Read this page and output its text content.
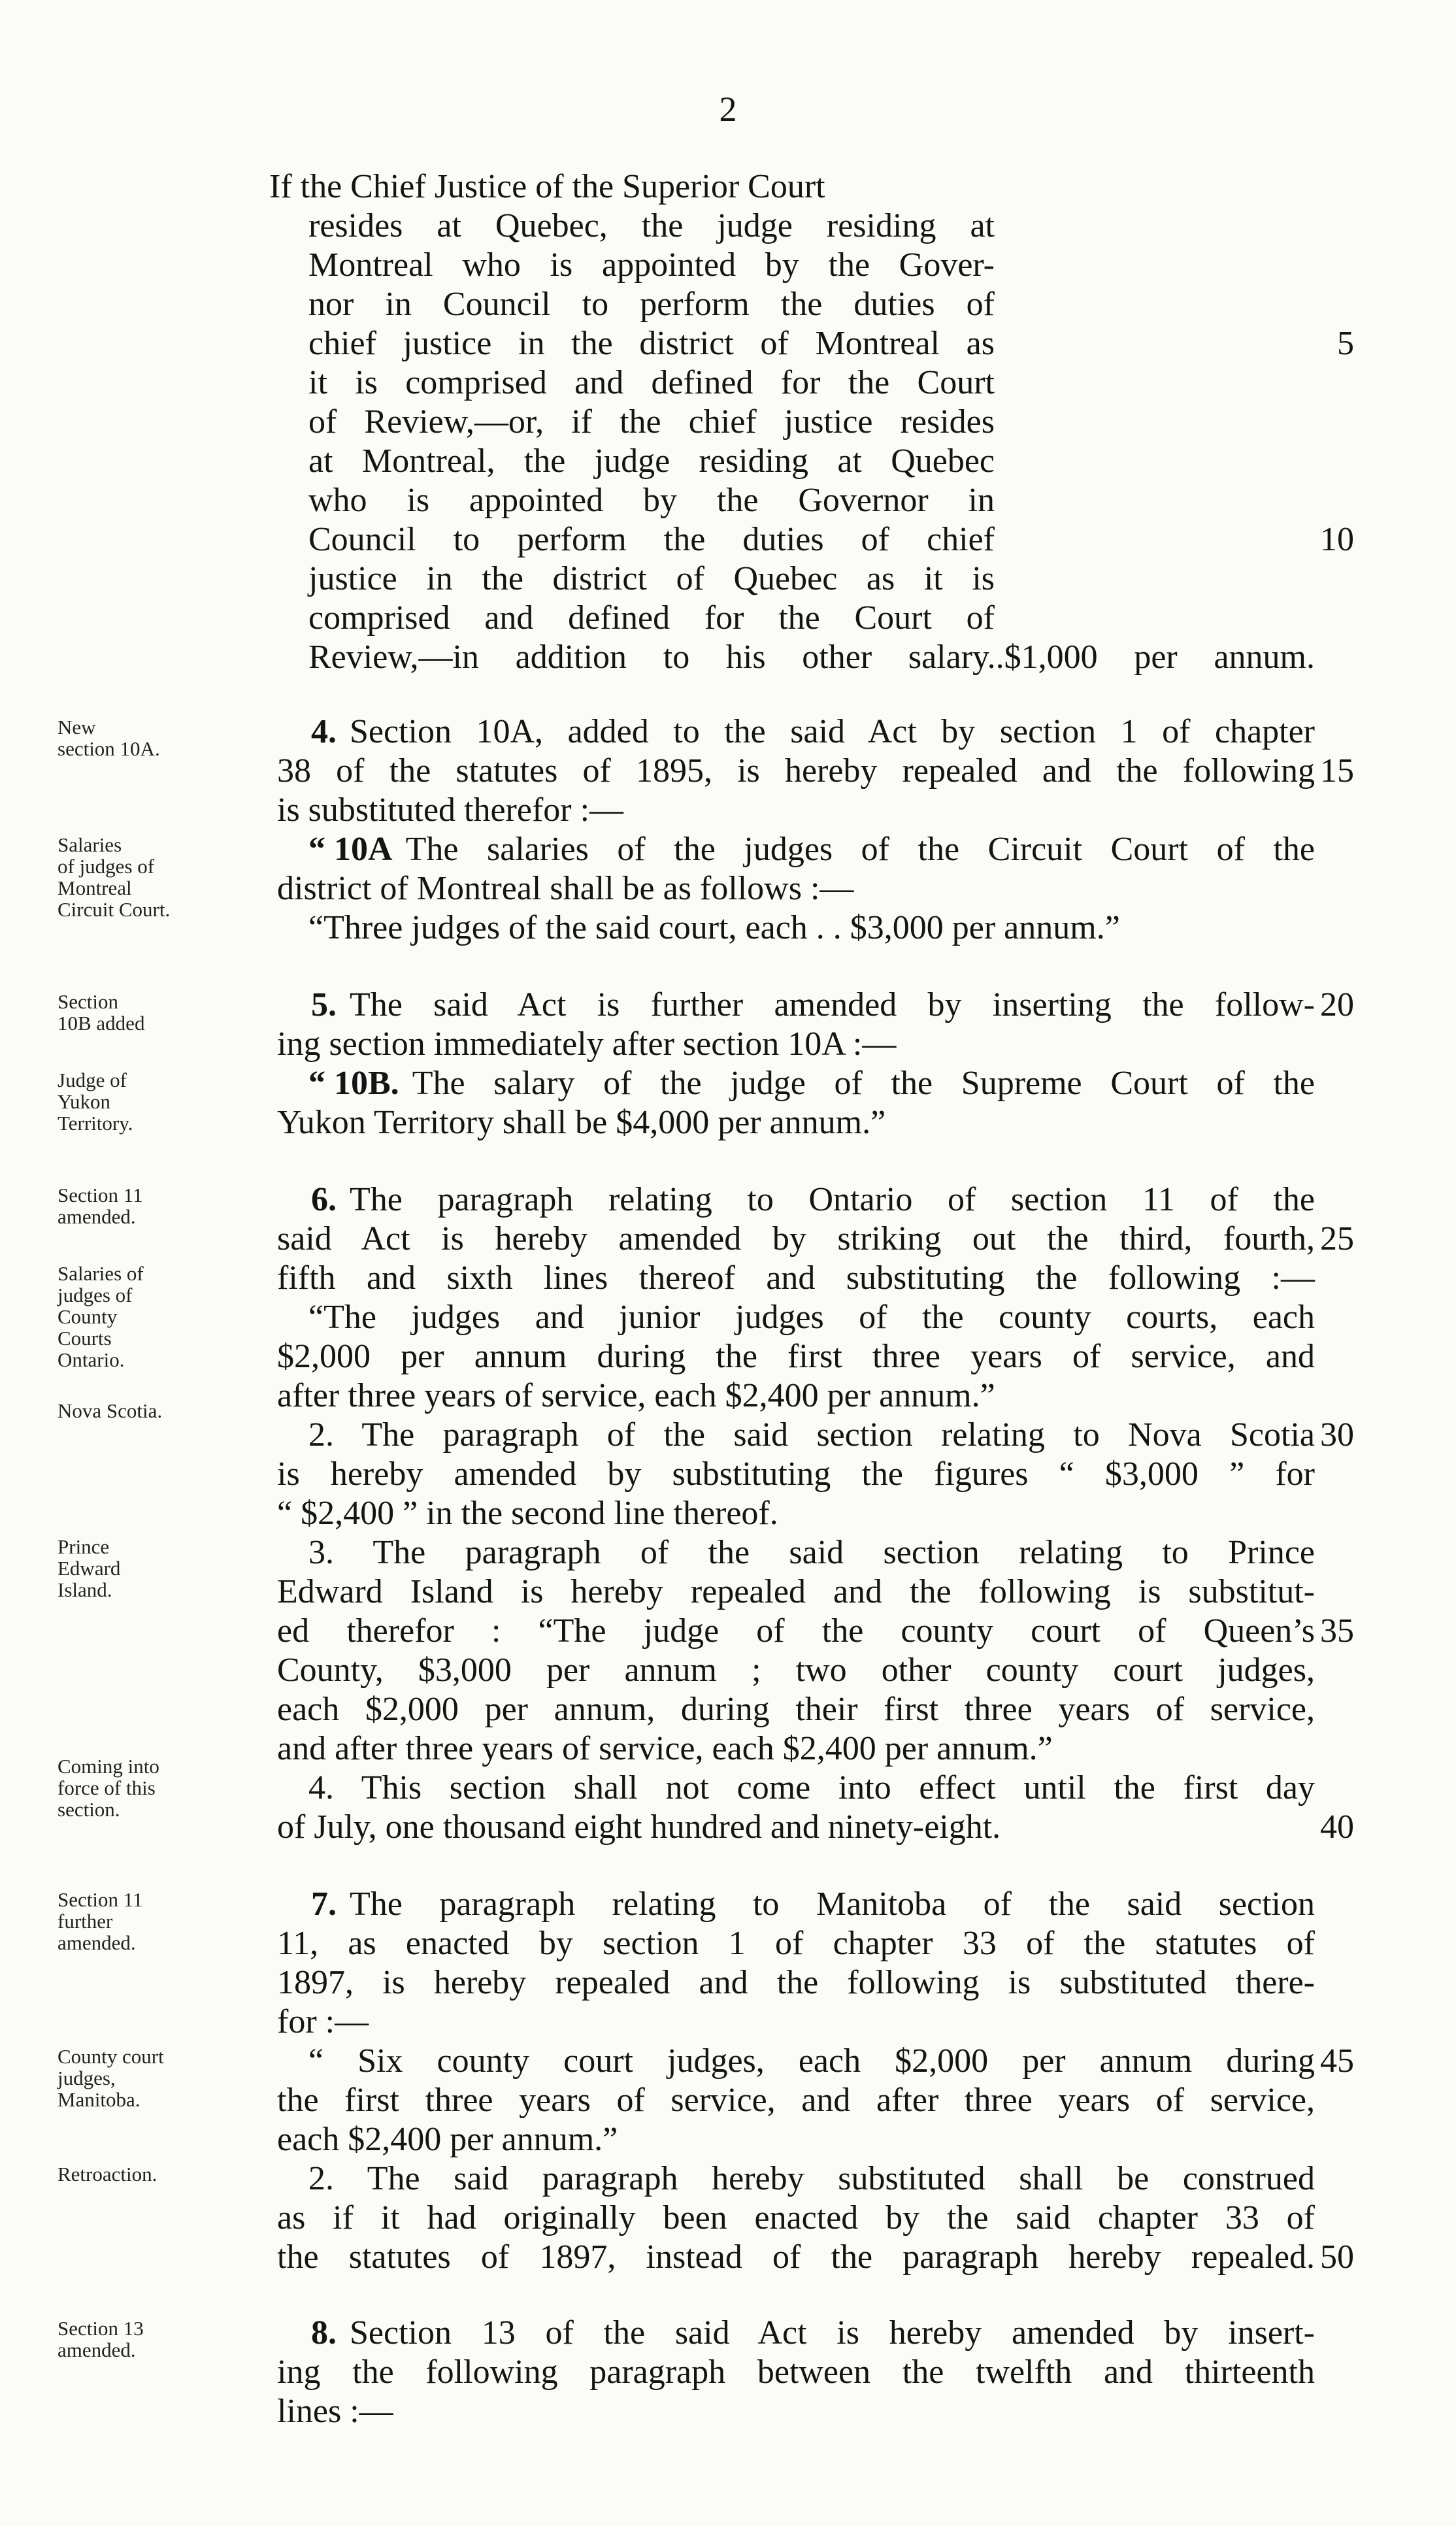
2
If the Chief Justice of the Superior Court
resides at Quebec, the judge residing at
Montreal who is appointed by the Gover-
nor in Council to perform the duties of
chief justice in the district of Montreal as
it is comprised and defined for the Court
of Review,—or, if the chief justice resides
at Montreal, the judge residing at Quebec
who is appointed by the Governor in
Council to perform the duties of chief
justice in the district of Quebec as it is
comprised and defined for the Court of
Review,—in addition to his other salary..$1,000 per annum.
New
section 10A.	4. Section 10A, added to the said Act by section 1 of chapter
38 of the statutes of 1895, is hereby repealed and the following
is substituted therefor :—
“ 10A The salaries of the judges of the Circuit Court of the
district of Montreal shall be as follows :—
“Three judges of the said court, each . . $3,000 per annum.”
Salaries
of judges of
Montreal
Circuit Court.
Section
10B added
Judge of
Yukon
Territory.
5. The said Act is further amended by inserting the follow-
ing section immediately after section 10A :—
“ 10B. The salary of the judge of the Supreme Court of the
Yukon Territory shall be $4,000 per annum.”
Section 11
amended.
Salaries of
judges of
County
Courts
Ontario.
Nova Scotia.
Prince
Edward
Island.
Coming into
force of this
section.
6. The paragraph relating to Ontario of section 11 of the
said Act is hereby amended by striking out the third, fourth,
fifth and sixth lines thereof and substituting the following :—
“The judges and junior judges of the county courts, each
$2,000 per annum during the first three years of service, and
after three years of service, each $2,400 per annum.”
2. The paragraph of the said section relating to Nova Scotia
is hereby amended by substituting the figures “ $3,000 ” for
“ $2,400 ” in the second line thereof.
3. The paragraph of the said section relating to Prince
Edward Island is hereby repealed and the following is substitut-
ed therefor : “The judge of the county court of Queen’s
County, $3,000 per annum ; two other county court judges,
each $2,000 per annum, during their first three years of service,
and after three years of service, each $2,400 per annum.”
4. This section shall not come into effect until the first day
of July, one thousand eight hundred and ninety-eight.
Section 11
further
amended.
County court
judges,
Manitoba.
Retroaction.
7. The paragraph relating to Manitoba of the said section
11, as enacted by section 1 of chapter 33 of the statutes of
1897, is hereby repealed and the following is substituted there-
for :—
“ Six county court judges, each $2,000 per annum during
the first three years of service, and after three years of service,
each $2,400 per annum.”
2. The said paragraph hereby substituted shall be construed
as if it had originally been enacted by the said chapter 33 of
the statutes of 1897, instead of the paragraph hereby repealed.
Section 13
amended.	8. Section 13 of the said Act is hereby amended by insert-
ing the following paragraph between the twelfth and thirteenth
lines :—
5
10
15
20
25
30
35
40
45
50
